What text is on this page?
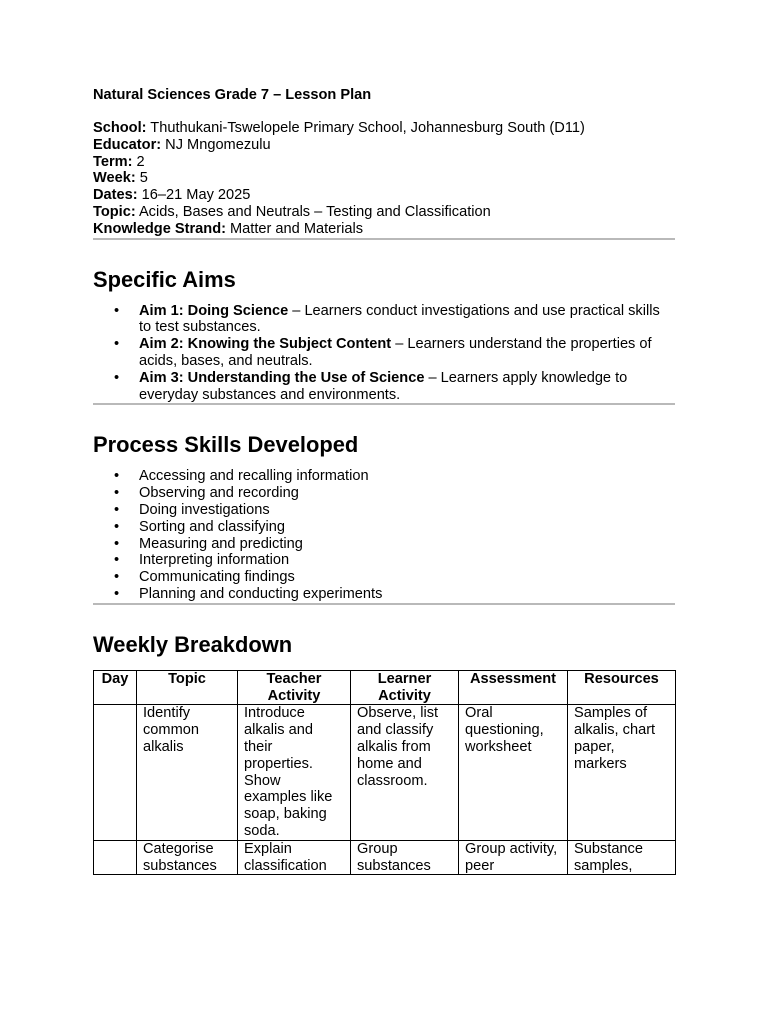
Natural Sciences Grade 7 – Lesson Plan
School: Thuthukani-Tswelopele Primary School, Johannesburg South (D11)
Educator: NJ Mngomezulu
Term: 2
Week: 5
Dates: 16–21 May 2025
Topic: Acids, Bases and Neutrals – Testing and Classification
Knowledge Strand: Matter and Materials
Specific Aims
• Aim 1: Doing Science – Learners conduct investigations and use practical skills to test substances.
• Aim 2: Knowing the Subject Content – Learners understand the properties of acids, bases, and neutrals.
• Aim 3: Understanding the Use of Science – Learners apply knowledge to everyday substances and environments.
Process Skills Developed
• Accessing and recalling information
• Observing and recording
• Doing investigations
• Sorting and classifying
• Measuring and predicting
• Interpreting information
• Communicating findings
• Planning and conducting experiments
Weekly Breakdown
Day	Topic	Teacher Activity	Learner Activity	Assessment	Resources
	Identify common alkalis	Introduce alkalis and their properties. Show examples like soap, baking soda.	Observe, list and classify alkalis from home and classroom.	Oral questioning, worksheet	Samples of alkalis, chart paper, markers
	Categorise substances	Explain classification	Group substances	Group activity, peer	Substance samples,
